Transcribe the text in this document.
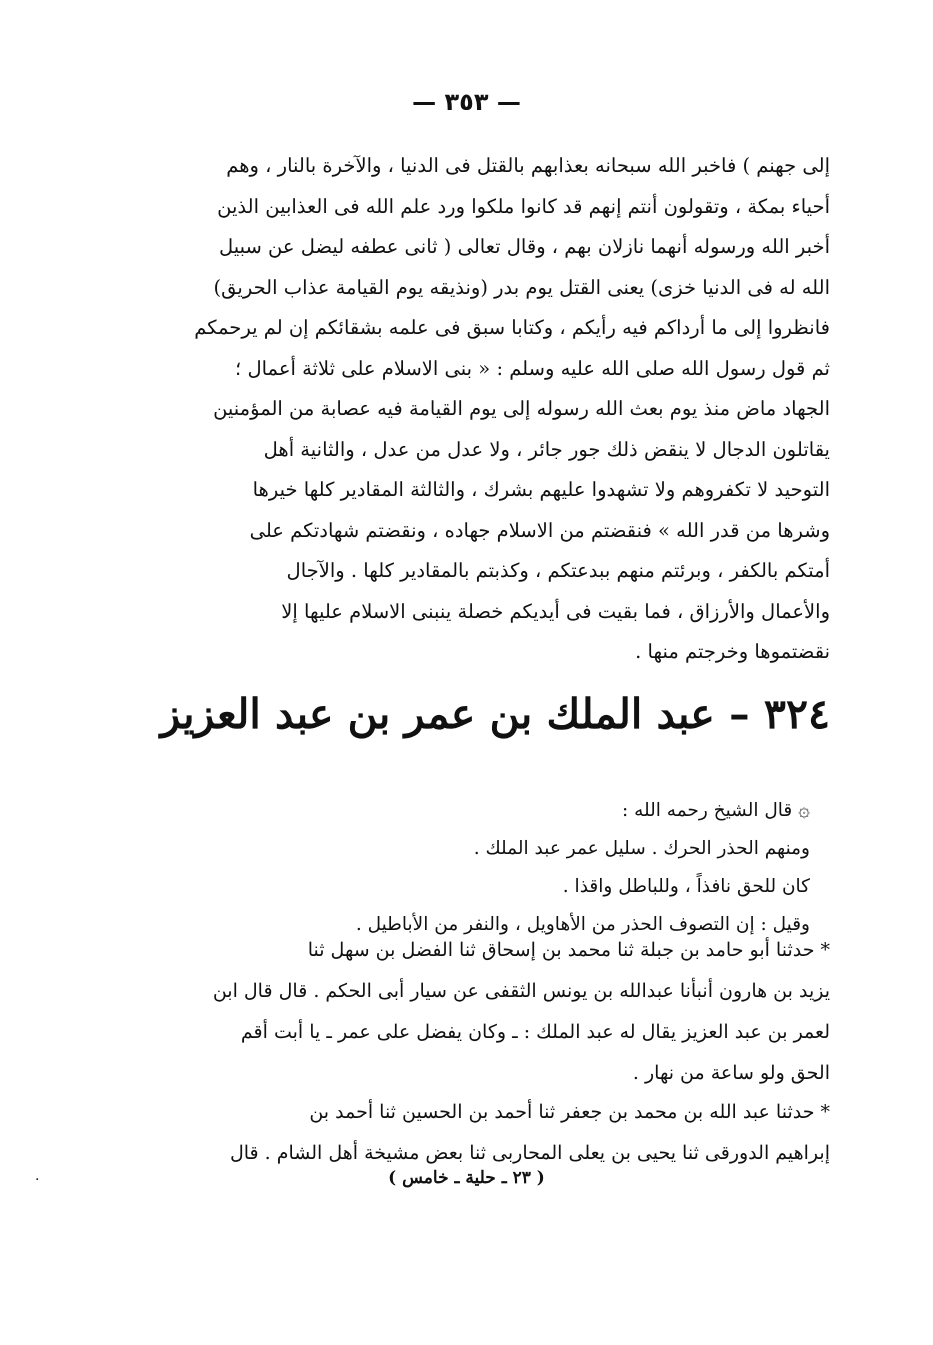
— ٣٥٣ —
إلى جهنم ) فاخبر الله سبحانه بعذابهم بالقتل فى الدنيا ، والآخرة بالنار ، وهم
أحياء بمكة ، وتقولون أنتم إنهم قد كانوا ملكوا ورد علم الله فى العذابين الذين
أخبر الله ورسوله أنهما نازلان بهم ، وقال تعالى ( ثانى عطفه ليضل عن سبيل
الله له فى الدنيا خزى) يعنى القتل يوم بدر (ونذيقه يوم القيامة عذاب الحريق)
فانظروا إلى ما أرداكم فيه رأيكم ، وكتابا سبق فى علمه بشقائكم إن لم يرحمكم
ثم قول رسول الله صلى الله عليه وسلم : « بنى الاسلام على ثلاثة أعمال ؛
الجهاد ماض منذ يوم بعث الله رسوله إلى يوم القيامة فيه عصابة من المؤمنين
يقاتلون الدجال لا ينقض ذلك جور جائر ، ولا عدل من عدل ، والثانية أهل
التوحيد لا تكفروهم ولا تشهدوا عليهم بشرك ، والثالثة المقادير كلها خيرها
وشرها من قدر الله » فنقضتم من الاسلام جهاده ، ونقضتم شهادتكم على
أمتكم بالكفر ، وبرئتم منهم ببدعتكم ، وكذبتم بالمقادير كلها . والآجال
والأعمال والأرزاق ، فما بقيت فى أيديكم خصلة ينبنى الاسلام عليها إلا
نقضتموها وخرجتم منها .
٣٢٤ – عبد الملك بن عمر بن عبد العزيز
۞قال الشيخ رحمه الله :
ومنهم الحذر الحرك . سليل عمر عبد الملك .
كان للحق نافذاً ، وللباطل واقذا .
وقيل : إن التصوف الحذر من الأهاويل ، والنفر من الأباطيل .
* حدثنا أبو حامد بن جبلة ثنا محمد بن إسحاق ثنا الفضل بن سهل ثنا
يزيد بن هارون أنبأنا عبدالله بن يونس الثقفى عن سيار أبى الحكم . قال قال ابن
لعمر بن عبد العزيز يقال له عبد الملك : ـ وكان يفضل على عمر ـ يا أبت أقم
الحق ولو ساعة من نهار .
* حدثنا عبد الله بن محمد بن جعفر ثنا أحمد بن الحسين ثنا أحمد بن
إبراهيم الدورقى ثنا يحيى بن يعلى المحاربى ثنا بعض مشيخة أهل الشام . قال
( ٢٣ ـ حلية ـ خامس )
·
